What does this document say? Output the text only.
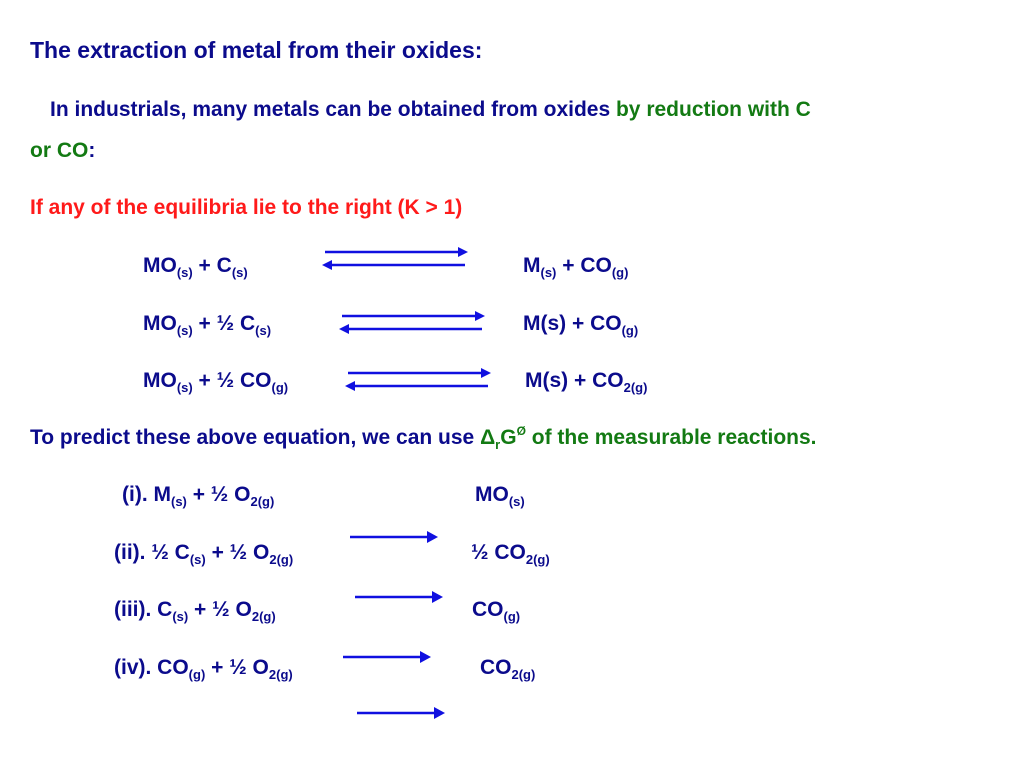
The extraction of metal from their oxides:

In industrials, many metals can be obtained from oxides by reduction with C

or CO:

If any of the equilibria lie to the right (K > 1)

$MO_{(s)} + C_{(s)}$	$M_{(s)} + CO_{(g)}$

$MO_{(s)}$ + ½ $C_{(s)}$	$M(s) + CO_{(g)}$

$MO_{(s)}$ + ½ $CO_{(g)}$	$M(s) + CO_{2(g)}$

To predict these above equation, we can use $\Delta_rG^Ø$ of the measurable reactions.

(i). $M_{(s)}$ + ½ $O_{2(g)}$	$MO_{(s)}$

(ii). ½ $C_{(s)}$ + ½ $O_{2(g)}$	½ $CO_{2(g)}$

(iii). $C_{(s)}$ + ½ $O_{2(g)}$	$CO_{(g)}$

(iv). $CO_{(g)}$ + ½ $O_{2(g)}$	$CO_{2(g)}$
